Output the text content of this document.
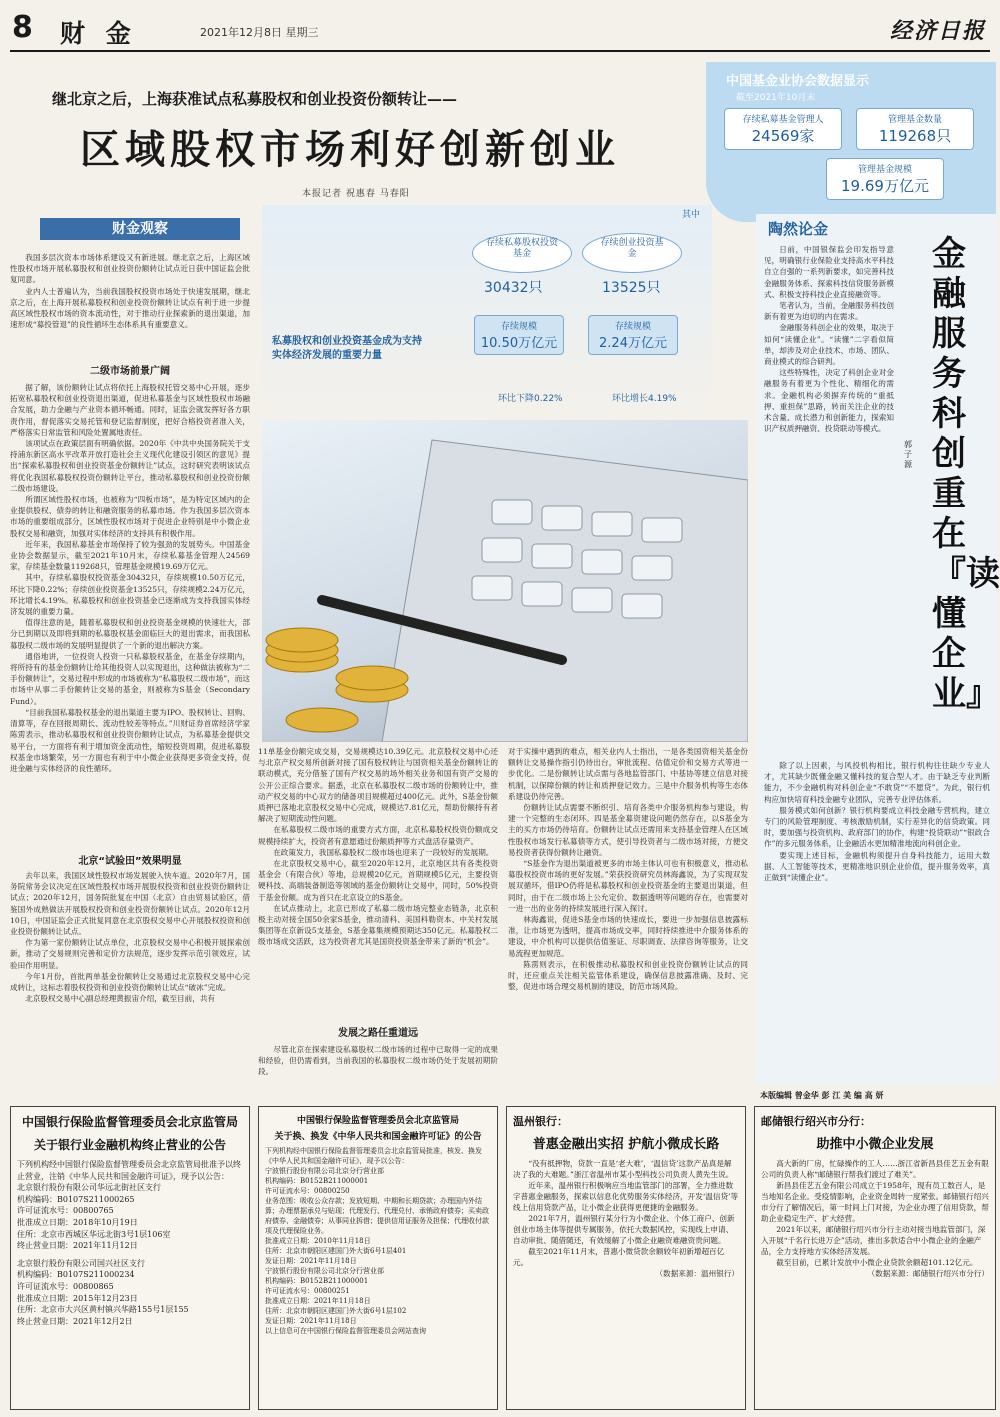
8 财 金	2021年12月8日 星期三	经济日报
继北京之后，上海获准试点私募股权和创业投资份额转让——
区域股权市场利好创新创业
本报记者 祝惠春 马春阳
中国基金业协会数据显示
截至2021年10月末
存续私募基金管理人
24569家
管理基金数量
119268只
管理基金规模
19.69万亿元
其中
存续私募股权投资基金
30432只
存续规模
10.50万亿元
环比下降0.22%
存续创业投资基金
13525只
存续规模
2.24万亿元
环比增长4.19%
私募股权和创业投资基金成为支持实体经济发展的重要力量
财金观察

我国多层次资本市场体系建设又有新进展。继北京之后，上海区域性股权市场开展私募股权和创业投资份额转让试点近日获中国证监会批复同意。

业内人士普遍认为，当前我国股权投资市场处于快速发展期，继北京之后，在上海开展私募股权和创业投资份额转让试点有利于进一步提高区域性股权市场的资本流动性，对于推动行业探索新的退出渠道，加速形成“募投管退”的良性循环生态体系具有重要意义。

二级市场前景广阔

据了解，该份额转让试点将依托上海股权托管交易中心开展，逐步拓宽私募股权和创业投资退出渠道，促进私募基金与区域性股权市场融合发展，助力金融与产业资本循环畅通。同时，证监会就发挥好各方职责作用，督促落实交易托管和登记监督制度，把好合格投资者准入关，严格落实日常监管和风险处置属地责任。

该项试点在政策层面有明确依据。2020年《中共中央国务院关于支持浦东新区高水平改革开放打造社会主义现代化建设引领区的意见》提出“探索私募股权和创业投资基金份额转让”试点，这时研究表明该试点将优化我国私募股权投资份额转让平台，推动私募股权和创业投资份额二级市场建设。

所谓区域性股权市场，也被称为“四板市场”，是为特定区域内的企业提供股权、债券的转让和融资服务的私募市场。作为我国多层次资本市场的重要组成部分，区域性股权市场对于促进企业特别是中小微企业股权交易和融资，加强对实体经济的支持具有积极作用。

近年来，我国私募基金市场保持了较为强劲的发展势头。中国基金业协会数据显示，截至2021年10月末，存续私募基金管理人24569家，存续基金数量119268只，管理基金规模19.69万亿元。

其中，存续私募股权投资基金30432只，存续规模10.50万亿元，环比下降0.22%；存续创业投资基金13525只，存续规模2.24万亿元，环比增长4.19%。私募股权和创业投资基金已逐渐成为支持我国实体经济发展的重要力量。

值得注意的是，随着私募股权和创业投资基金规模的快速壮大，部分已到期以及即将到期的私募股权基金面临巨大的退出需求，而我国私募股权二级市场的发展明显提供了一个新的退出解决方案。

通俗地讲，一位投资人投资一只私募股权基金，在基金存续期内，将所持有的基金份额转让给其他投资人以实现退出，这种做法被称为“二手份额转让”，交易过程中形成的市场被称为“私募股权二级市场”，而这市场中从事二手份额转让交易的基金，则被称为S基金（Secondary Fund）。

“目前我国私募股权基金的退出渠道主要为IPO、股权转让、回购、清算等，存在回报周期长、流动性较差等特点。”川财证券首席经济学家陈雳表示，推动私募股权和创业投资份额转让试点，为私募基金提供交易平台，一方面将有利于增加资金流动性，缩短投资周期，促进私募股权基金市场繁荣，另一方面也有利于中小微企业获得更多资金支持，促进金融与实体经济的良性循环。

北京“试验田”效果明显

去年以来，我国区域性股权市场发展驶入快车道。2020年7月，国务院常务会议决定在区域性股权市场开展股权投资和创业投资份额转让试点；2020年12月，国务院批复在中国（北京）自由贸易试验区，借鉴国外成熟做法开展股权投资和创业投资份额转让试点。2020年12月10日，中国证监会正式批复同意在北京股权交易中心开展股权投资和创业投资份额转让试点。

作为第一家份额转让试点单位，北京股权交易中心积极开展探索创新，推动了交易规则完善和定价方法规范，逐步发挥示范引领效应，试验田作用明显。

今年1月份，首批两单基金份额转让交易通过北京股权交易中心完成转让，这标志着股权投资和创业投资份额转让试点“破冰”完成。

北京股权交易中心副总经理黄振宙介绍，截至目前，共有

11单基金份额完成交易，交易规模达10.39亿元。北京股权交易中心还与北京产权交易所创新对接了国有股权转让与国资相关基金份额转让的联动模式，充分借鉴了国有产权交易的场外相关业务和国有资产交易的公开公正综合要求。据悉，北京在私募股权二级市场的份额转让中，推动产权交易的中心双方的储备项目规模超过400亿元。此外，S基金份额质押已落地北京股权交易中心完成，规模达7.81亿元，帮助份额持有者解决了短期流动性问题。

在私募股权二级市场的重要方式方面，北京私募股权投资份额成交规模持续扩大，投资者有意愿通过份额质押等方式盘活存量资产。

在政策发力，我国私募股权二级市场也迎来了一段较好的发展期。

在北京股权交易中心，截至2020年12月，北京地区共有各类投资基金会（有限合伙）等地，总规模20亿元，首期规模5亿元，主要投资硬科技、高端装备制造等领域的基金份额转让交易中，同时，50%投资于基金份额。成为首只在北京设立的S基金。

在试点推动上，北京已形成了私募二级市场完整业态链条，北京积极主动对接全国50余家S基金，推动清科、美国科勒资本、中关村发展集团等在京新设5支基金，S基金募集规模预期达350亿元。私募股权二级市场成交活跃，这为投资者尤其是国资投资基金带来了新的“机会”。

发展之路任重道远

尽管北京在探索建设私募股权二级市场的过程中已取得一定的成果和经验，但仍需看到，当前我国的私募股权二级市场仍处于发展初期阶段。

对于实操中遇到的难点，相关业内人士指出，一是各类国资相关基金份额转让交易操作指引仍待出台，审批流程、估值定价和交易方式等进一步优化。二是份额转让试点需与各地监管部门、中基协等建立信息对接机制，以保障份额的转让和质押登记效力。三是中介服务机构等生态体系建设仍待完善。

份额转让试点需要不断织引、培育各类中介服务机构参与建设，构建一个完整的生态闭环。四是基金募资建设问题仍然存在，以S基金为主的买方市场仍待培育。份额转让试点还需用来支持基金管理人在区域性股权市场发行私募债等方式，使引导投资者与二级市场对接，方便交易投资者获得份额转让融资。

“S基金作为退出渠道被更多的市场主体认可也有积极意义，推动私募股权投资市场的更好发展。”荣获投资研究员林海鑫说，为了实现双发展双循环，借IPO仍将是私募股权和创业投资基金的主要退出渠道，但同时，由于在二级市场上公允定价、数据透明等问题的存在，也需要对一进一出的业务的持续发展进行深入探讨。

林海鑫说，促进S基金市场的快速成长，要进一步加强信息披露标准，让市场更为透明，提高市场成交率，同时持续推进中介服务体系的建设，中介机构可以提供估值鉴证、尽职调查、法律咨询等服务，让交易流程更加规范。

陈雳则表示，在积极推动私募股权和创业投资份额转让试点的同时，还应重点关注相关监管体系建设，确保信息披露准确、及时、完整，促进市场合理交易机制的建设，防范市场风险。

陶然论金
金融服务科创重在『读懂企业』
郭子源

日前，中国银保监会印发指导意见，明确银行业保险业支持高水平科技自立自强的一系列新要求，如完善科技金融服务体系、探索科技信贷服务新模式、积极支持科技企业直接融资等。

笔者认为，当前，金融服务科技创新有着更为迫切的内在需求。

金融服务科创企业的效果，取决于如何“读懂企业”。“读懂”二字看似简单，却涉及对企业技术、市场、团队、商业模式的综合研判。

这些特殊性，决定了科创企业对金融服务有着更为个性化、精细化的需求。金融机构必须摒弃传统的“重抵押、重担保”思路，转而关注企业的技术含量、成长潜力和创新能力，探索知识产权质押融资、投贷联动等模式。

除了以上因素，与风投机构相比，银行机构往往缺少专业人才，尤其缺少既懂金融又懂科技的复合型人才。由于缺乏专业判断能力，不少金融机构对科创企业“不敢贷”“不愿贷”。为此，银行机构应加快培育科技金融专业团队，完善专业评估体系。

服务模式如何创新？银行机构要成立科技金融专营机构，建立专门的风险管理制度、考核激励机制，实行差异化的信贷政策。同时，要加强与投资机构、政府部门的协作，构建“投贷联动”“银政合作”的多元服务体系，让金融活水更加精准地流向科创企业。

要实现上述目标，金融机构须提升自身科技能力，运用大数据、人工智能等技术，更精准地识别企业价值，提升服务效率，真正做到“读懂企业”。

本版编辑 曾金华 彭 江 美 编 高 妍
中国银行保险监督管理委员会北京监管局
关于银行业金融机构终止营业的公告
下列机构经中国银行保险监督管理委员会北京监管局批准予以终止营业，注销《中华人民共和国金融许可证》，现予以公告：
北京银行股份有限公司华远北街社区支行
机构编码：B0107S211000265
许可证流水号：00800765
批准成立日期：2018年10月19日
住所：北京市西城区华远北街3号1层106室
终止营业日期：2021年11月12日
北京银行股份有限公司国兴社区支行
机构编码：B0107S211000234
许可证流水号：00800865
批准成立日期：2015年12月23日
住所：北京市大兴区黄村镇兴华路155号1层155
终止营业日期：2021年12月2日
中国银行保险监督管理委员会北京监管局
关于换、换发《中华人民共和国金融许可证》的公告
下列机构经中国银行保险监督管理委员会北京监管局批准，核发、换发《中华人民共和国金融许可证》，现予以公告：
宁波银行股份有限公司北京分行营业部
机构编码：B0152B211000001
许可证流水号：00800250
业务范围：吸收公众存款；发放短期、中期和长期贷款；办理国内外结算；办理票据承兑与贴现；代理发行、代理兑付、承销政府债券；买卖政府债券、金融债券；从事同业拆借；提供信用证服务及担保；代理收付款项及代理保险业务。
批准成立日期：2010年11月18日
住所：北京市朝阳区建国门外大街6号1层401
发证日期：2021年11月18日
宁波银行股份有限公司北京分行营业部
机构编码：B0152B211000001
许可证流水号：00800251
批准成立日期：2021年11月18日
住所：北京市朝阳区建国门外大街6号1层102
发证日期：2021年11月18日
以上信息可在中国银行保险监督管理委员会网站查询
温州银行：
普惠金融出实招 护航小微成长路

“没有抵押物，贷款一直是‘老大难’，‘温信贷’这款产品真是解决了我的大难题。”浙江省温州市某小型科技公司负责人黄先生说。

近年来，温州银行积极响应当地监管部门的部署，全力推进数字普惠金融服务，探索以信息化优势服务实体经济，开发‘温信贷’等线上信用贷款产品，让小微企业获得更便捷的金融服务。

2021年7月，温州银行某分行为小微企业、个体工商户、创新创业市场主体等提供专属服务，依托大数据风控，实现线上申请、自动审批、随借随还，有效缓解了小微企业融资难融资贵问题。

截至2021年11月末，普惠小微贷款余额较年初新增超百亿元。

（数据来源：温州银行）

邮储银行绍兴市分行：
助推中小微企业发展

高大新的厂房，忙碌操作的工人……浙江省新昌县佳艺五金有限公司的负责人称“邮储银行帮我们渡过了难关”。

新昌县佳艺五金有限公司成立于1958年，现有员工数百人，是当地知名企业。受疫情影响，企业资金周转一度紧张。邮储银行绍兴市分行了解情况后，第一时间上门对接，为企业办理了信用贷款，帮助企业稳定生产、扩大经营。

2021年以来，邮储银行绍兴市分行主动对接当地监管部门，深入开展“千名行长进万企”活动，推出多款适合中小微企业的金融产品，全力支持地方实体经济发展。

截至目前，已累计发放中小微企业贷款余额超101.12亿元。

（数据来源：邮储银行绍兴市分行）
